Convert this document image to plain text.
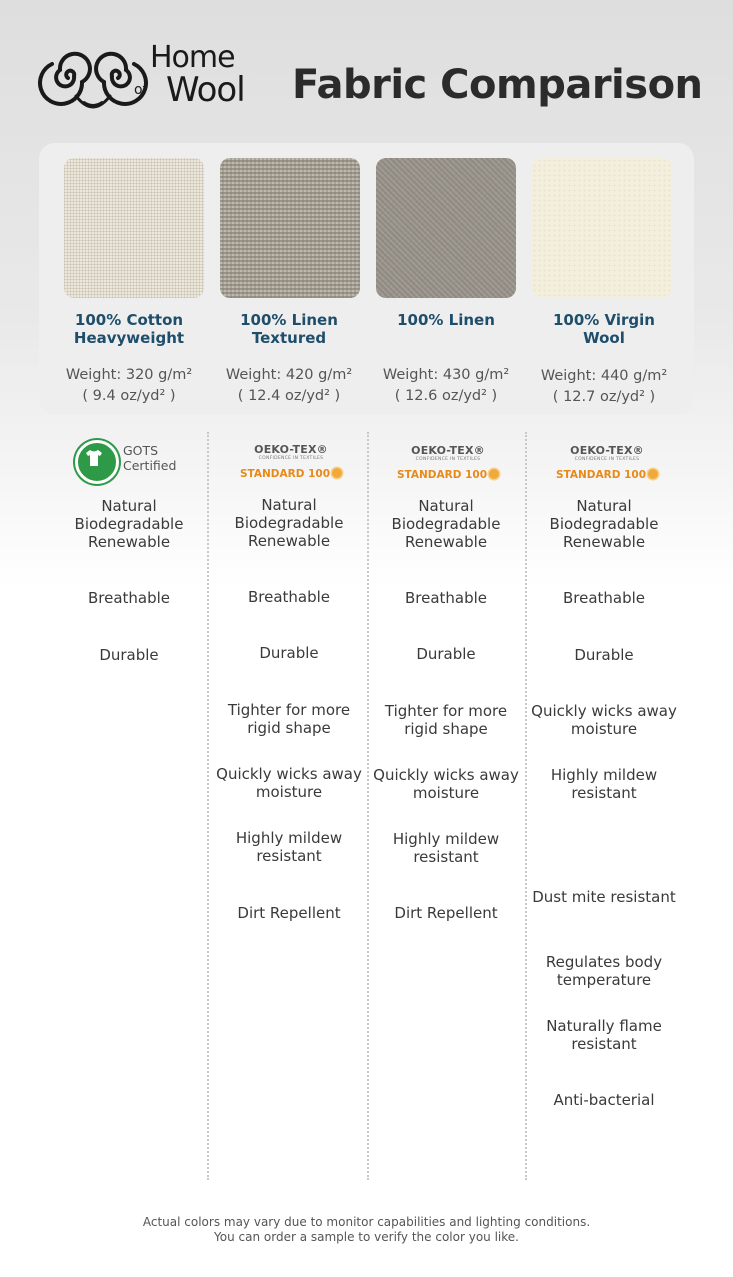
Home
of Wool Fabric Comparison
100% Cotton Heavyweight
100% Linen Textured
100% Linen	100% Virgin Wool
Weight: 320 g/m²
( 9.4 oz/yd² )
Weight: 420 g/m²
( 12.4 oz/yd² )
Weight: 430 g/m²
( 12.6 oz/yd² )
Weight: 440 g/m²
( 12.7 oz/yd² )
GOTS
Certified
OEKO-TEX®
CONFIDENCE IN TEXTILES
STANDARD 100
OEKO-TEX®
CONFIDENCE IN TEXTILES
STANDARD 100
OEKO-TEX®
CONFIDENCE IN TEXTILES
STANDARD 100
Natural Biodegradable Renewable
Breathable
Durable
Natural Biodegradable Renewable
Breathable
Durable
Tighter for more rigid shape
Quickly wicks away moisture
Highly mildew resistant
Dirt Repellent
Natural Biodegradable Renewable
Breathable
Durable
Tighter for more rigid shape
Quickly wicks away moisture
Highly mildew resistant
Dirt Repellent
Natural Biodegradable Renewable
Breathable
Durable
Quickly wicks away moisture
Highly mildew resistant
Dust mite resistant
Regulates body temperature
Naturally flame resistant
Anti-bacterial
Actual colors may vary due to monitor capabilities and lighting conditions.
You can order a sample to verify the color you like.
